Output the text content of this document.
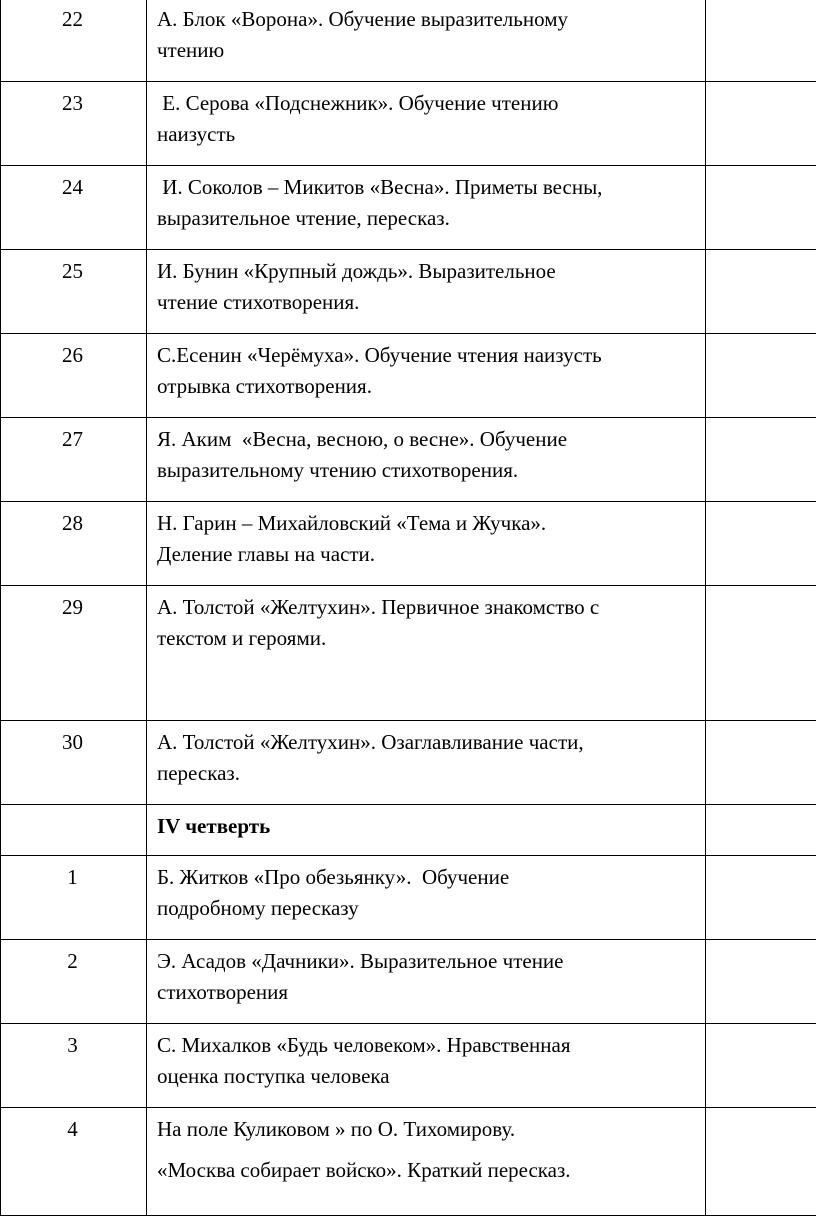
22	А. Блок «Ворона». Обучение выразительному
чтению	

23	Е. Серова «Подснежник». Обучение чтению
наизусть	

24	И. Соколов – Микитов «Весна». Приметы весны,
выразительное чтение, пересказ.	

25	И. Бунин «Крупный дождь». Выразительное
чтение стихотворения.	

26	С.Есенин «Черёмуха». Обучение чтения наизусть
отрывка стихотворения.	

27	Я. Аким  «Весна, весною, о весне». Обучение
выразительному чтению стихотворения.	

28	Н. Гарин – Михайловский «Тема и Жучка».
Деление главы на части.	

29	А. Толстой «Желтухин». Первичное знакомство с
текстом и героями.	

30	А. Толстой «Желтухин». Озаглавливание части,
пересказ.	

	IV четверть	

1	Б. Житков «Про обезьянку».  Обучение
подробному пересказу	

2	Э. Асадов «Дачники». Выразительное чтение
стихотворения	

3	С. Михалков «Будь человеком». Нравственная
оценка поступка человека	

4	На поле Куликовом » по О. Тихомирову.
«Москва собирает войско». Краткий пересказ.	
